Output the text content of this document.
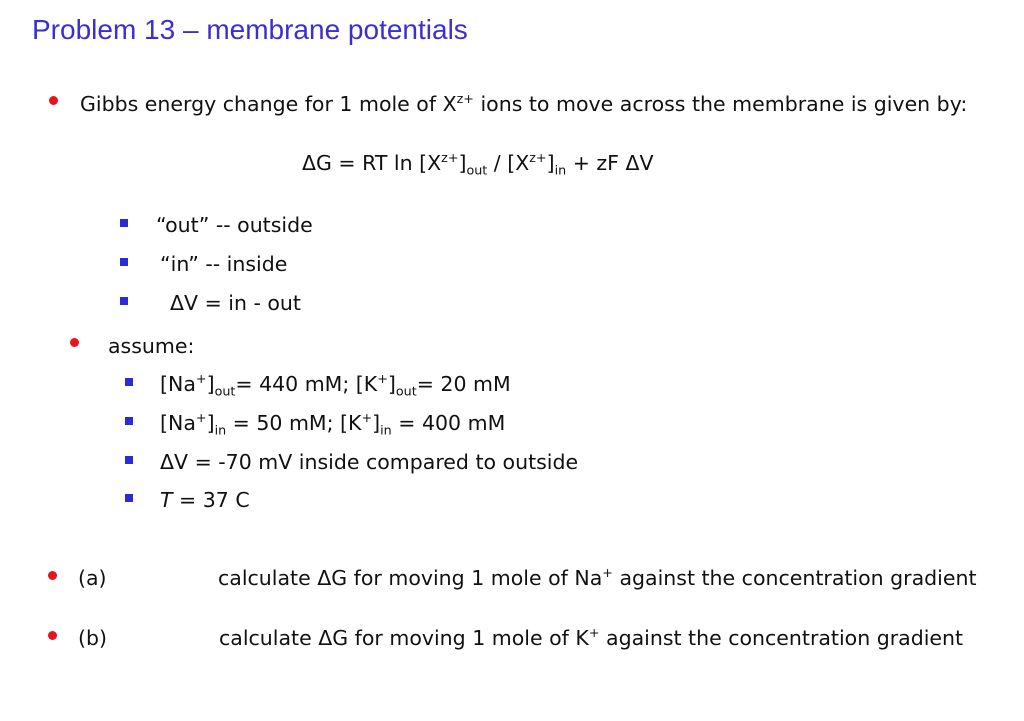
Problem 13 – membrane potentials
Gibbs energy change for 1 mole of $X^{z+}$ ions to move across the membrane is given by:
ΔG = RT $\ln [X^{z+}]_{out} / [X^{z+}]_{in}$ + zF ΔV
“out” -- outside
“in” -- inside
ΔV = in - out
assume:
$[Na^+]_{out}= 440$ mM; $[K^+]_{out}= 20$ mM
$[Na^+]_{in} = 50$ mM; $[K^+]_{in} = 400$ mM
ΔV = -70 mV inside compared to outside
T = 37 C
(a)	calculate ΔG for moving 1 mole of Na+ against the concentration gradient
(b)	calculate ΔG for moving 1 mole of K+ against the concentration gradient
